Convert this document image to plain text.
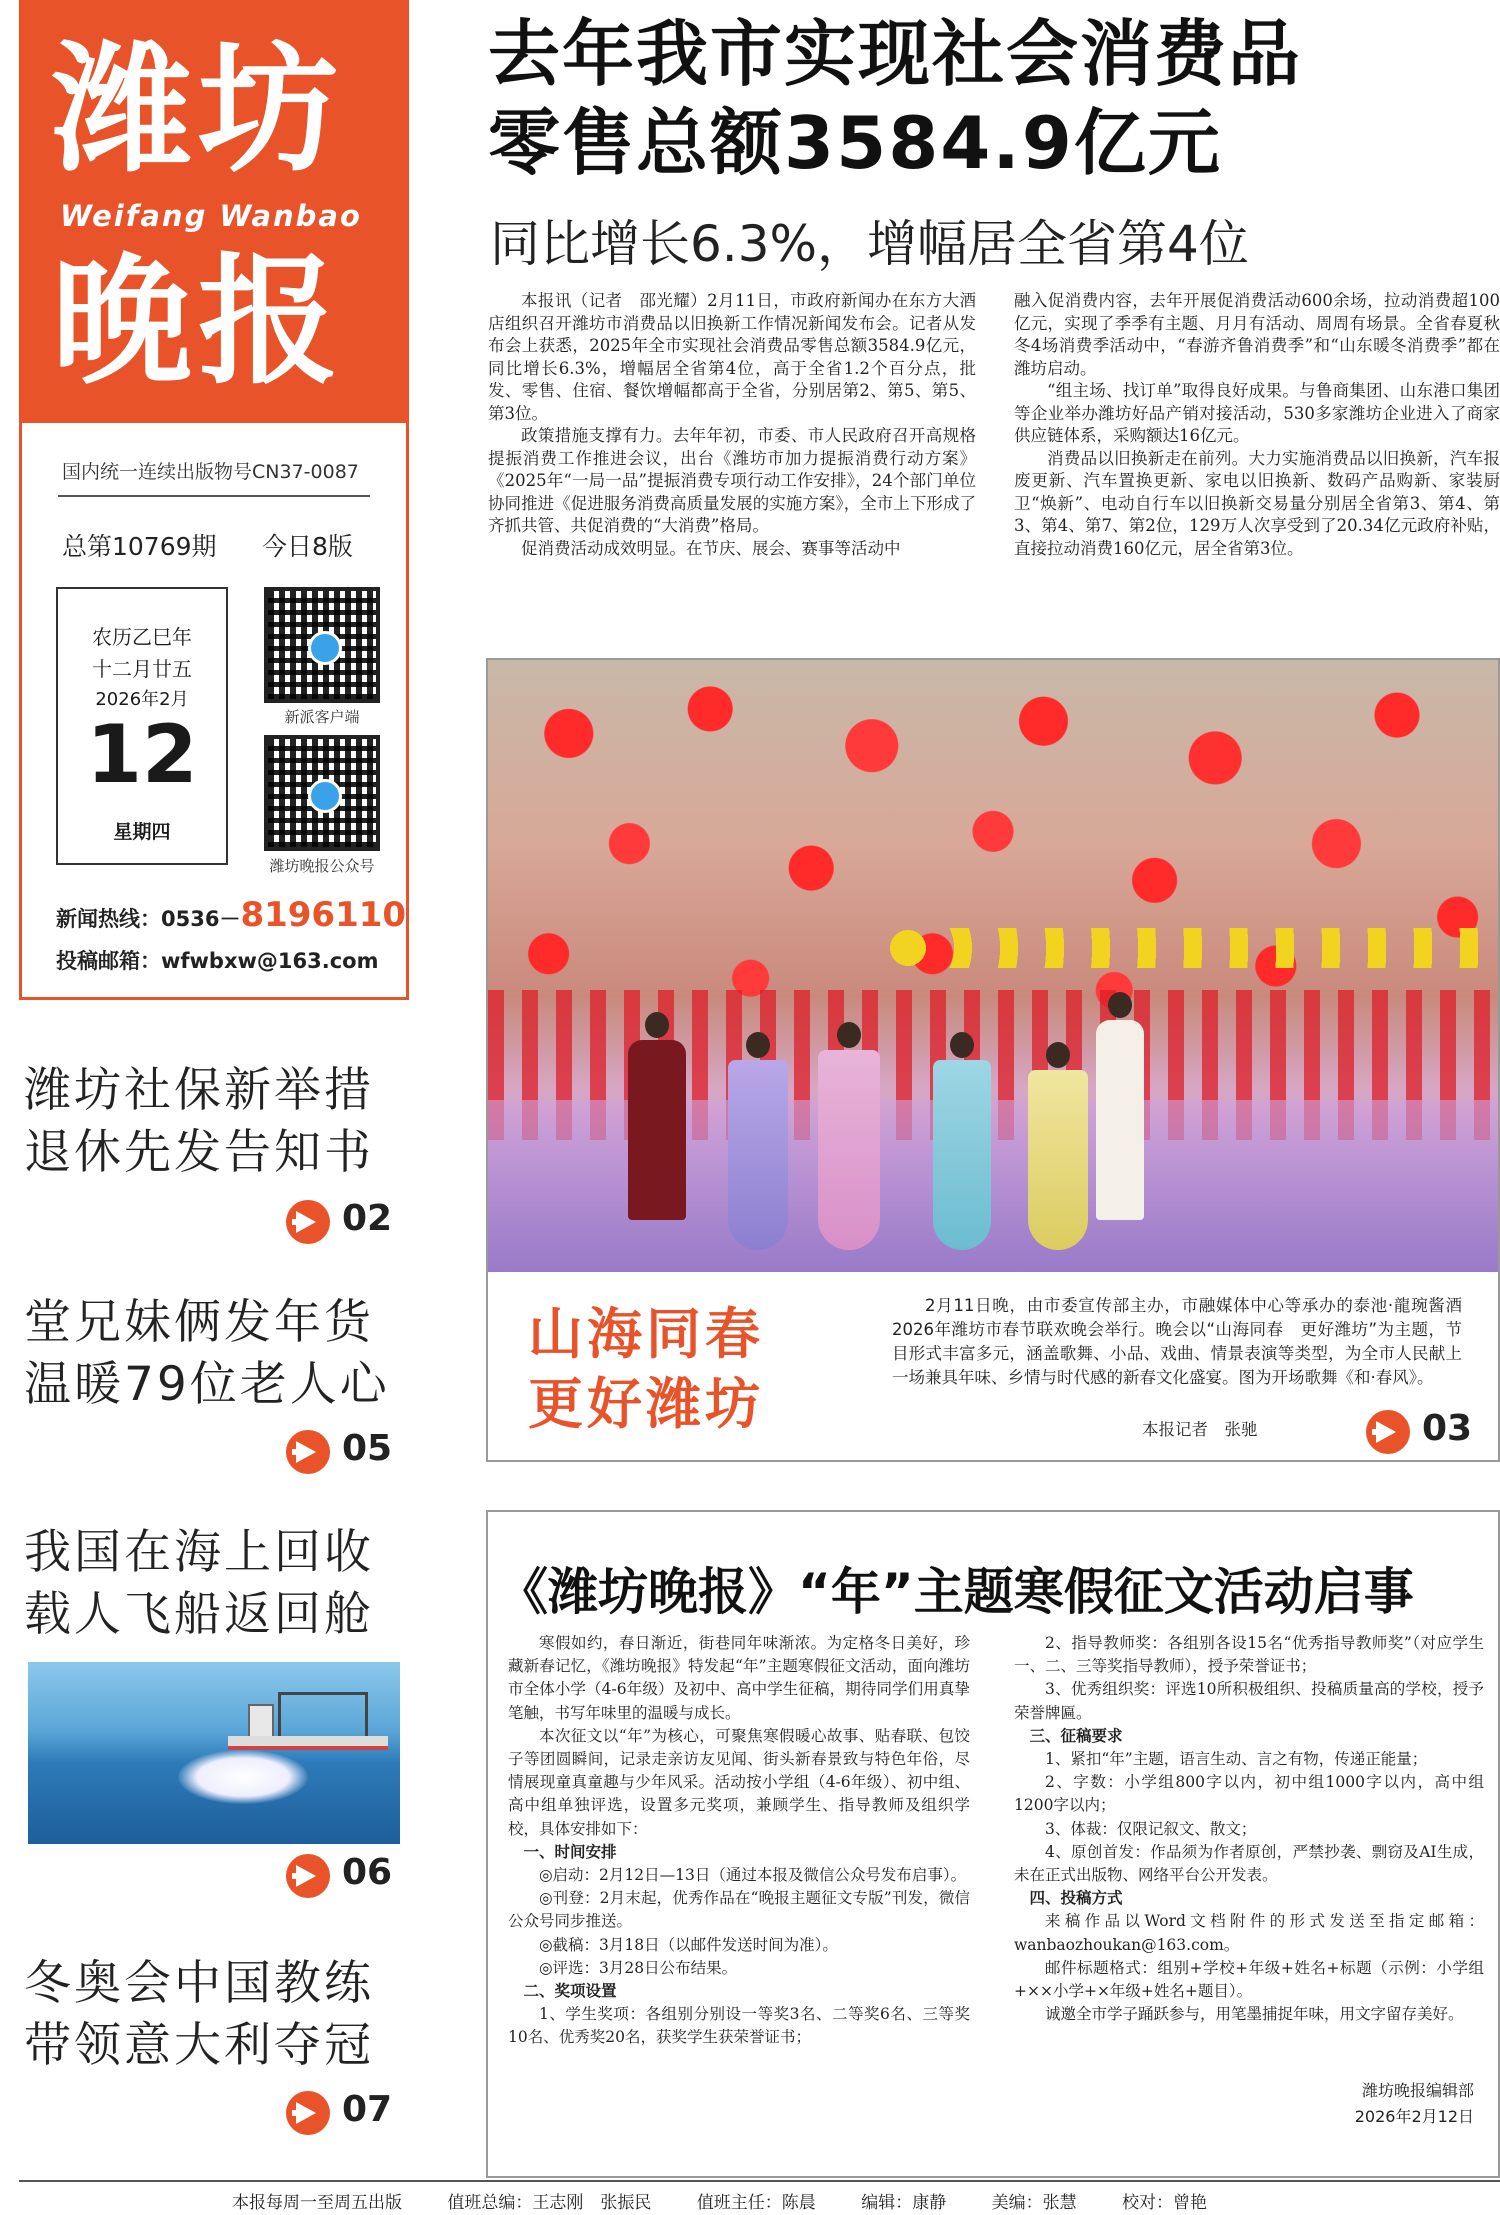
潍坊
Weifang Wanbao
晚报
国内统一连续出版物号CN37-0087
总第10769期 今日8版
农历乙巳年
十二月廿五
2026年2月
12
星期四
新派客户端
潍坊晚报公众号
新闻热线：0536－8196110
投稿邮箱：wfwbxw@163.com
潍坊社保新举措
退休先发告知书
02
堂兄妹俩发年货
温暖79位老人心
05
我国在海上回收
载人飞船返回舱
06
冬奥会中国教练
带领意大利夺冠
07
去年我市实现社会消费品
零售总额3584.9亿元
同比增长6.3%，增幅居全省第4位

本报讯（记者　邵光耀）2月11日，市政府新闻办在东方大酒店组织召开潍坊市消费品以旧换新工作情况新闻发布会。记者从发布会上获悉，2025年全市实现社会消费品零售总额3584.9亿元，同比增长6.3%，增幅居全省第4位，高于全省1.2个百分点，批发、零售、住宿、餐饮增幅都高于全省，分别居第2、第5、第5、第3位。

政策措施支撑有力。去年年初，市委、市人民政府召开高规格提振消费工作推进会议，出台《潍坊市加力提振消费行动方案》《2025年“一局一品”提振消费专项行动工作安排》，24个部门单位协同推进《促进服务消费高质量发展的实施方案》，全市上下形成了齐抓共管、共促消费的“大消费”格局。

促消费活动成效明显。在节庆、展会、赛事等活动中

融入促消费内容，去年开展促消费活动600余场，拉动消费超100亿元，实现了季季有主题、月月有活动、周周有场景。全省春夏秋冬4场消费季活动中，“春游齐鲁消费季”和“山东暖冬消费季”都在潍坊启动。

“组主场、找订单”取得良好成果。与鲁商集团、山东港口集团等企业举办潍坊好品产销对接活动，530多家潍坊企业进入了商家供应链体系，采购额达16亿元。

消费品以旧换新走在前列。大力实施消费品以旧换新，汽车报废更新、汽车置换更新、家电以旧换新、数码产品购新、家装厨卫“焕新”、电动自行车以旧换新交易量分别居全省第3、第4、第3、第4、第7、第2位，129万人次享受到了20.34亿元政府补贴，直接拉动消费160亿元，居全省第3位。

山海同春
更好潍坊
2月11日晚，由市委宣传部主办，市融媒体中心等承办的泰池·龍琬酱酒2026年潍坊市春节联欢晚会举行。晚会以“山海同春　更好潍坊”为主题，节目形式丰富多元，涵盖歌舞、小品、戏曲、情景表演等类型，为全市人民献上一场兼具年味、乡情与时代感的新春文化盛宴。图为开场歌舞《和·春风》。
本报记者　张驰	03
《潍坊晚报》“年”主题寒假征文活动启事

寒假如约，春日渐近，街巷同年味渐浓。为定格冬日美好，珍藏新春记忆，《潍坊晚报》特发起“年”主题寒假征文活动，面向潍坊市全体小学（4-6年级）及初中、高中学生征稿，期待同学们用真挚笔触，书写年味里的温暖与成长。

本次征文以“年”为核心，可聚焦寒假暖心故事、贴春联、包饺子等团圆瞬间，记录走亲访友见闻、街头新春景致与特色年俗，尽情展现童真童趣与少年风采。活动按小学组（4-6年级）、初中组、高中组单独评选，设置多元奖项，兼顾学生、指导教师及组织学校，具体安排如下：

一、时间安排

◎启动：2月12日—13日（通过本报及微信公众号发布启事）。

◎刊登：2月末起，优秀作品在“晚报主题征文专版”刊发，微信公众号同步推送。

◎截稿：3月18日（以邮件发送时间为准）。

◎评选：3月28日公布结果。

二、奖项设置

1、学生奖项：各组别分别设一等奖3名、二等奖6名、三等奖10名、优秀奖20名，获奖学生获荣誉证书；

2、指导教师奖：各组别各设15名“优秀指导教师奖”（对应学生一、二、三等奖指导教师），授予荣誉证书；

3、优秀组织奖：评选10所积极组织、投稿质量高的学校，授予荣誉牌匾。

三、征稿要求

1、紧扣“年”主题，语言生动、言之有物，传递正能量；

2、字数：小学组800字以内，初中组1000字以内，高中组1200字以内；

3、体裁：仅限记叙文、散文；

4、原创首发：作品须为作者原创，严禁抄袭、剽窃及AI生成，未在正式出版物、网络平台公开发表。

四、投稿方式

来稿作品以Word文档附件的形式发送至指定邮箱：wanbaozhoukan@163.com。

邮件标题格式：组别+学校+年级+姓名+标题（示例：小学组+××小学+×年级+姓名+题目）。

诚邀全市学子踊跃参与，用笔墨捕捉年味，用文字留存美好。

潍坊晚报编辑部
2026年2月12日
本报每周一至周五出版	值班总编：王志刚　张振民	值班主任：陈晨	编辑：康静	美编：张慧	校对：曾艳
